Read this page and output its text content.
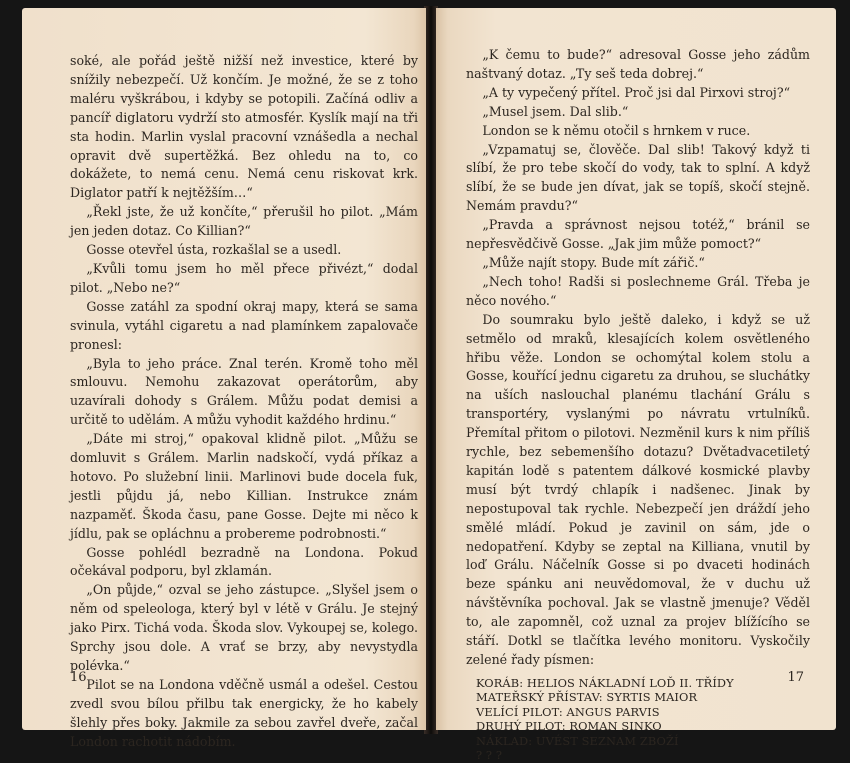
soké, ale pořád ještě nižší než investice, které by snížily nebezpečí. Už končím. Je možné, že se z toho maléru vyškrábou, i kdyby se potopili. Začíná odliv a pancíř diglatoru vydrží sto atmosfér. Kyslík mají na tři sta hodin. Marlin vyslal pracovní vznášedla a nechal opravit dvě supertěžká. Bez ohledu na to, co dokážete, to nemá cenu. Nemá cenu riskovat krk. Diglator patří k nejtěžším…“

„Řekl jste, že už končíte,“ přerušil ho pilot. „Mám jen jeden dotaz. Co Killian?“

Gosse otevřel ústa, rozkašlal se a usedl.

„Kvůli tomu jsem ho měl přece přivézt,“ dodal pilot. „Nebo ne?“

Gosse zatáhl za spodní okraj mapy, která se sama svinula, vytáhl cigaretu a nad plamínkem zapalovače pronesl:

„Byla to jeho práce. Znal terén. Kromě toho měl smlouvu. Nemohu zakazovat operátorům, aby uzavírali dohody s Grálem. Můžu podat demisi a určitě to udělám. A můžu vyhodit každého hrdinu.“

„Dáte mi stroj,“ opakoval klidně pilot. „Můžu se domluvit s Grálem. Marlin nadskočí, vydá příkaz a hotovo. Po služební linii. Marlinovi bude docela fuk, jestli půjdu já, nebo Killian. Instrukce znám nazpaměť. Škoda času, pane Gosse. Dejte mi něco k jídlu, pak se opláchnu a probereme podrobnosti.“

Gosse pohlédl bezradně na Londona. Pokud očekával podporu, byl zklamán.

„On půjde,“ ozval se jeho zástupce. „Slyšel jsem o něm od speleologa, který byl v létě v Grálu. Je stejný jako Pirx. Tichá voda. Škoda slov. Vykoupej se, kolego. Sprchy jsou dole. A vrať se brzy, aby nevystydla polévka.“

Pilot se na Londona vděčně usmál a odešel. Cestou zvedl svou bílou přilbu tak energicky, že ho kabely šlehly přes boky. Jakmile za sebou zavřel dveře, začal London rachotit nádobím.

16

„K čemu to bude?“ adresoval Gosse jeho zádům naštvaný dotaz. „Ty seš teda dobrej.“

„A ty vypečený přítel. Proč jsi dal Pirxovi stroj?“

„Musel jsem. Dal slib.“

London se k němu otočil s hrnkem v ruce.

„Vzpamatuj se, člověče. Dal slib! Takový když ti slíbí, že pro tebe skočí do vody, tak to splní. A když slíbí, že se bude jen dívat, jak se topíš, skočí stejně. Nemám pravdu?“

„Pravda a správnost nejsou totéž,“ bránil se nepřesvědčivě Gosse. „Jak jim může pomoct?“

„Může najít stopy. Bude mít zářič.“

„Nech toho! Radši si poslechneme Grál. Třeba je něco nového.“

Do soumraku bylo ještě daleko, i když se už setmělo od mraků, klesajících kolem osvětleného hřibu věže. London se ochomýtal kolem stolu a Gosse, kouřící jednu cigaretu za druhou, se sluchátky na uších naslouchal planému tlachání Grálu s transportéry, vyslanými po návratu vrtulníků. Přemítal přitom o pilotovi. Nezměnil kurs k nim příliš rychle, bez sebemenšího dotazu? Dvětadvacetiletý kapitán lodě s patentem dálkové kosmické plavby musí být tvrdý chlapík i nadšenec. Jinak by nepostupoval tak rychle. Nebezpečí jen dráždí jeho smělé mládí. Pokud je zavinil on sám, jde o nedopatření. Kdyby se zeptal na Killiana, vnutil by loď Grálu. Náčelník Gosse si po dvaceti hodinách beze spánku ani neuvědomoval, že v duchu už návštěvníka pochoval. Jak se vlastně jmenuje? Věděl to, ale zapomněl, což uznal za projev blížícího se stáří. Dotkl se tlačítka levého monitoru. Vyskočily zelené řady písmen:

KORÁB: HELIOS NÁKLADNÍ LOĎ II. TŘÍDY
MATEŘSKÝ PŘÍSTAV: SYRTIS MAIOR
VELÍCÍ PILOT: ANGUS PARVIS
DRUHÝ PILOT: ROMAN SINKO
NÁKLAD: UVÉST SEZNAM ZBOŽÍ
? ? ?
17
